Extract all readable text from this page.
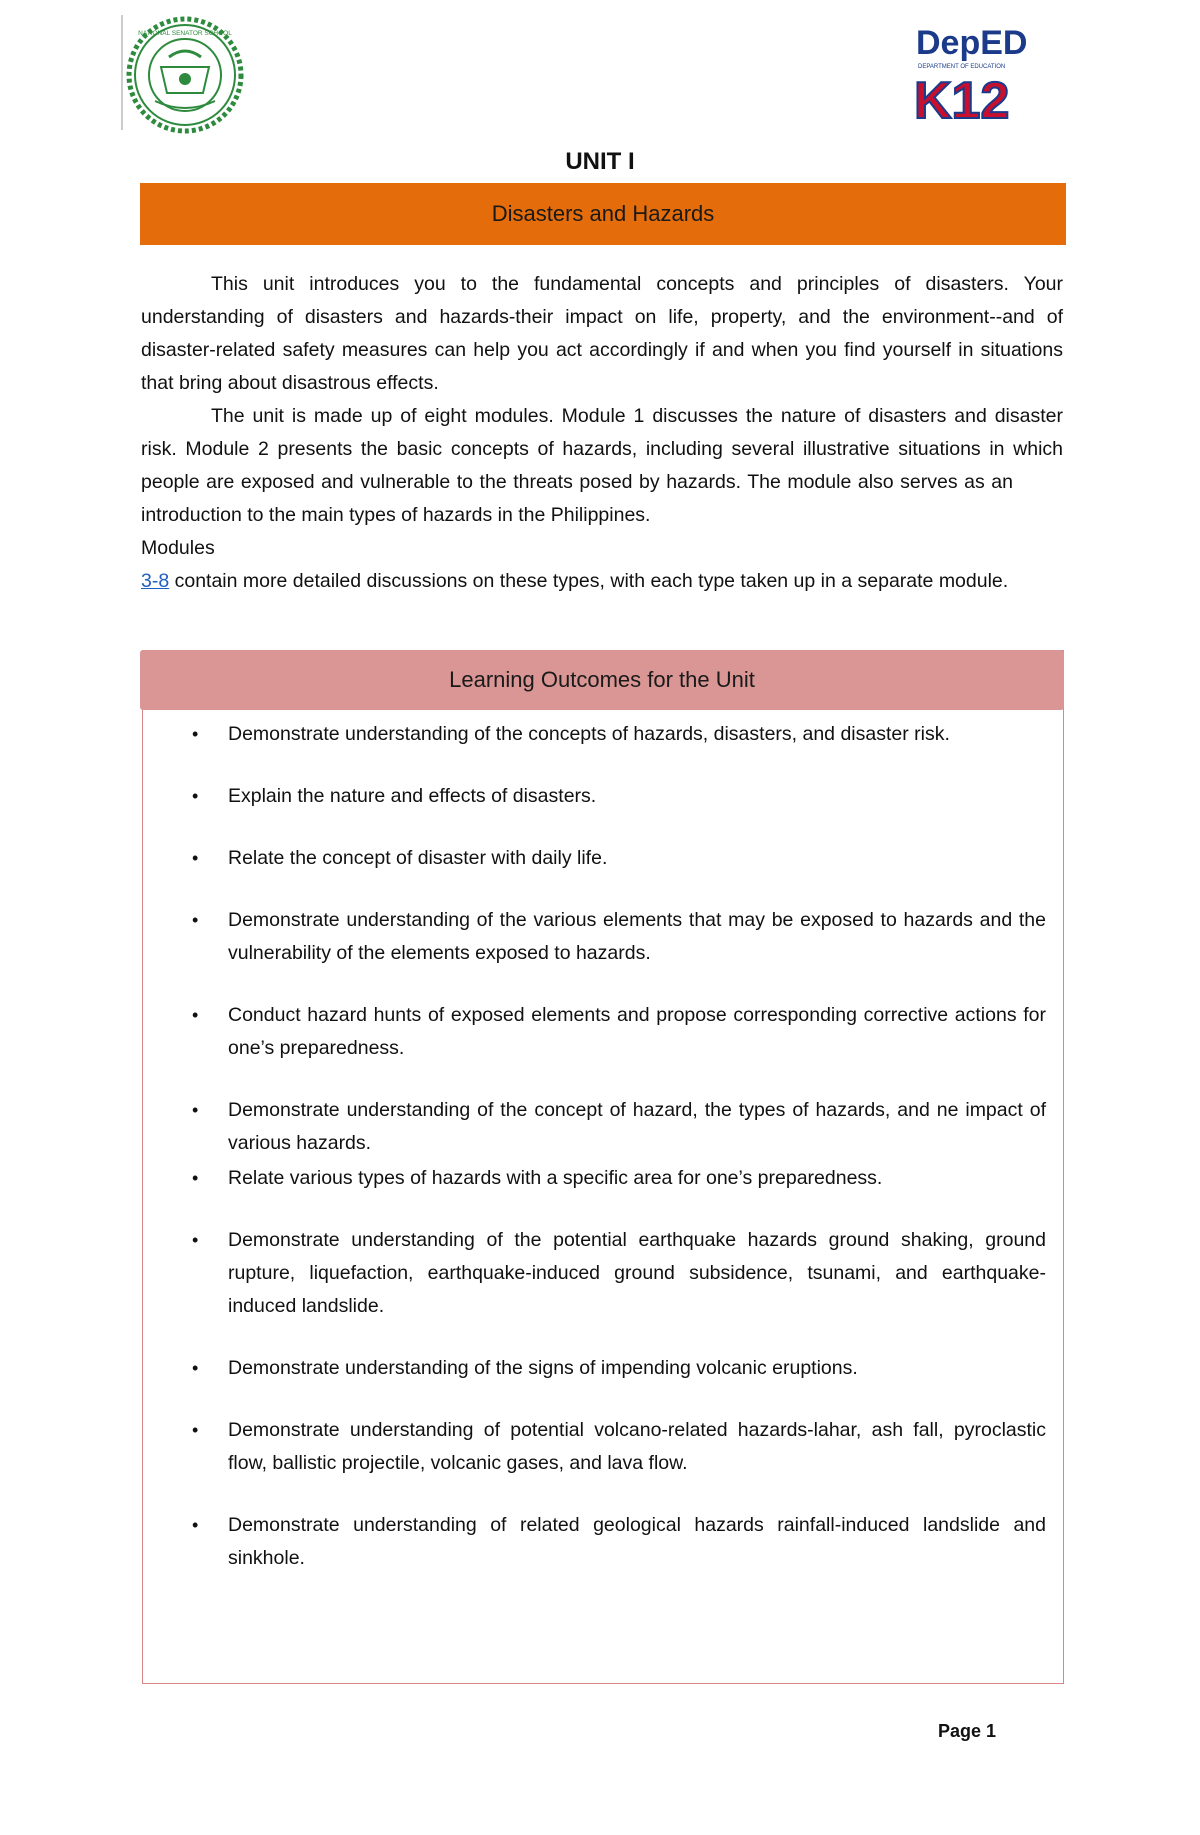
NATIONAL SENATOR SCHOOL	DepED
DEPARTMENT OF EDUCATION
K12
UNIT I
Disasters and Hazards

This unit introduces you to the fundamental concepts and principles of disasters. Your understanding of disasters and hazards-their impact on life, property, and the environment--and of disaster-related safety measures can help you act accordingly if and when you find yourself in situations that bring about disastrous effects.

The unit is made up of eight modules. Module 1 discusses the nature of disasters and disaster risk. Module 2 presents the basic concepts of hazards, including several illustrative situations in which people are exposed and vulnerable to the threats posed by hazards. The module also serves as an introduction to the main types of hazards in the Philippines.
Modules
3-8 contain more detailed discussions on these types, with each type taken up in a separate module.

Learning Outcomes for the Unit
• Demonstrate understanding of the concepts of hazards, disasters, and disaster risk.
• Explain the nature and effects of disasters.
• Relate the concept of disaster with daily life.
• Demonstrate understanding of the various elements that may be exposed to hazards and the vulnerability of the elements exposed to hazards.
• Conduct hazard hunts of exposed elements and propose corresponding corrective actions for one’s preparedness.
• Demonstrate understanding of the concept of hazard, the types of hazards, and ne impact of various hazards.
• Relate various types of hazards with a specific area for one’s preparedness.
• Demonstrate understanding of the potential earthquake hazards ground shaking, ground rupture, liquefaction, earthquake-induced ground subsidence, tsunami, and earthquake-induced landslide.
• Demonstrate understanding of the signs of impending volcanic eruptions.
• Demonstrate understanding of potential volcano-related hazards-lahar, ash fall, pyroclastic flow, ballistic projectile, volcanic gases, and lava flow.
• Demonstrate understanding of related geological hazards rainfall-induced landslide and sinkhole.
Page 1
